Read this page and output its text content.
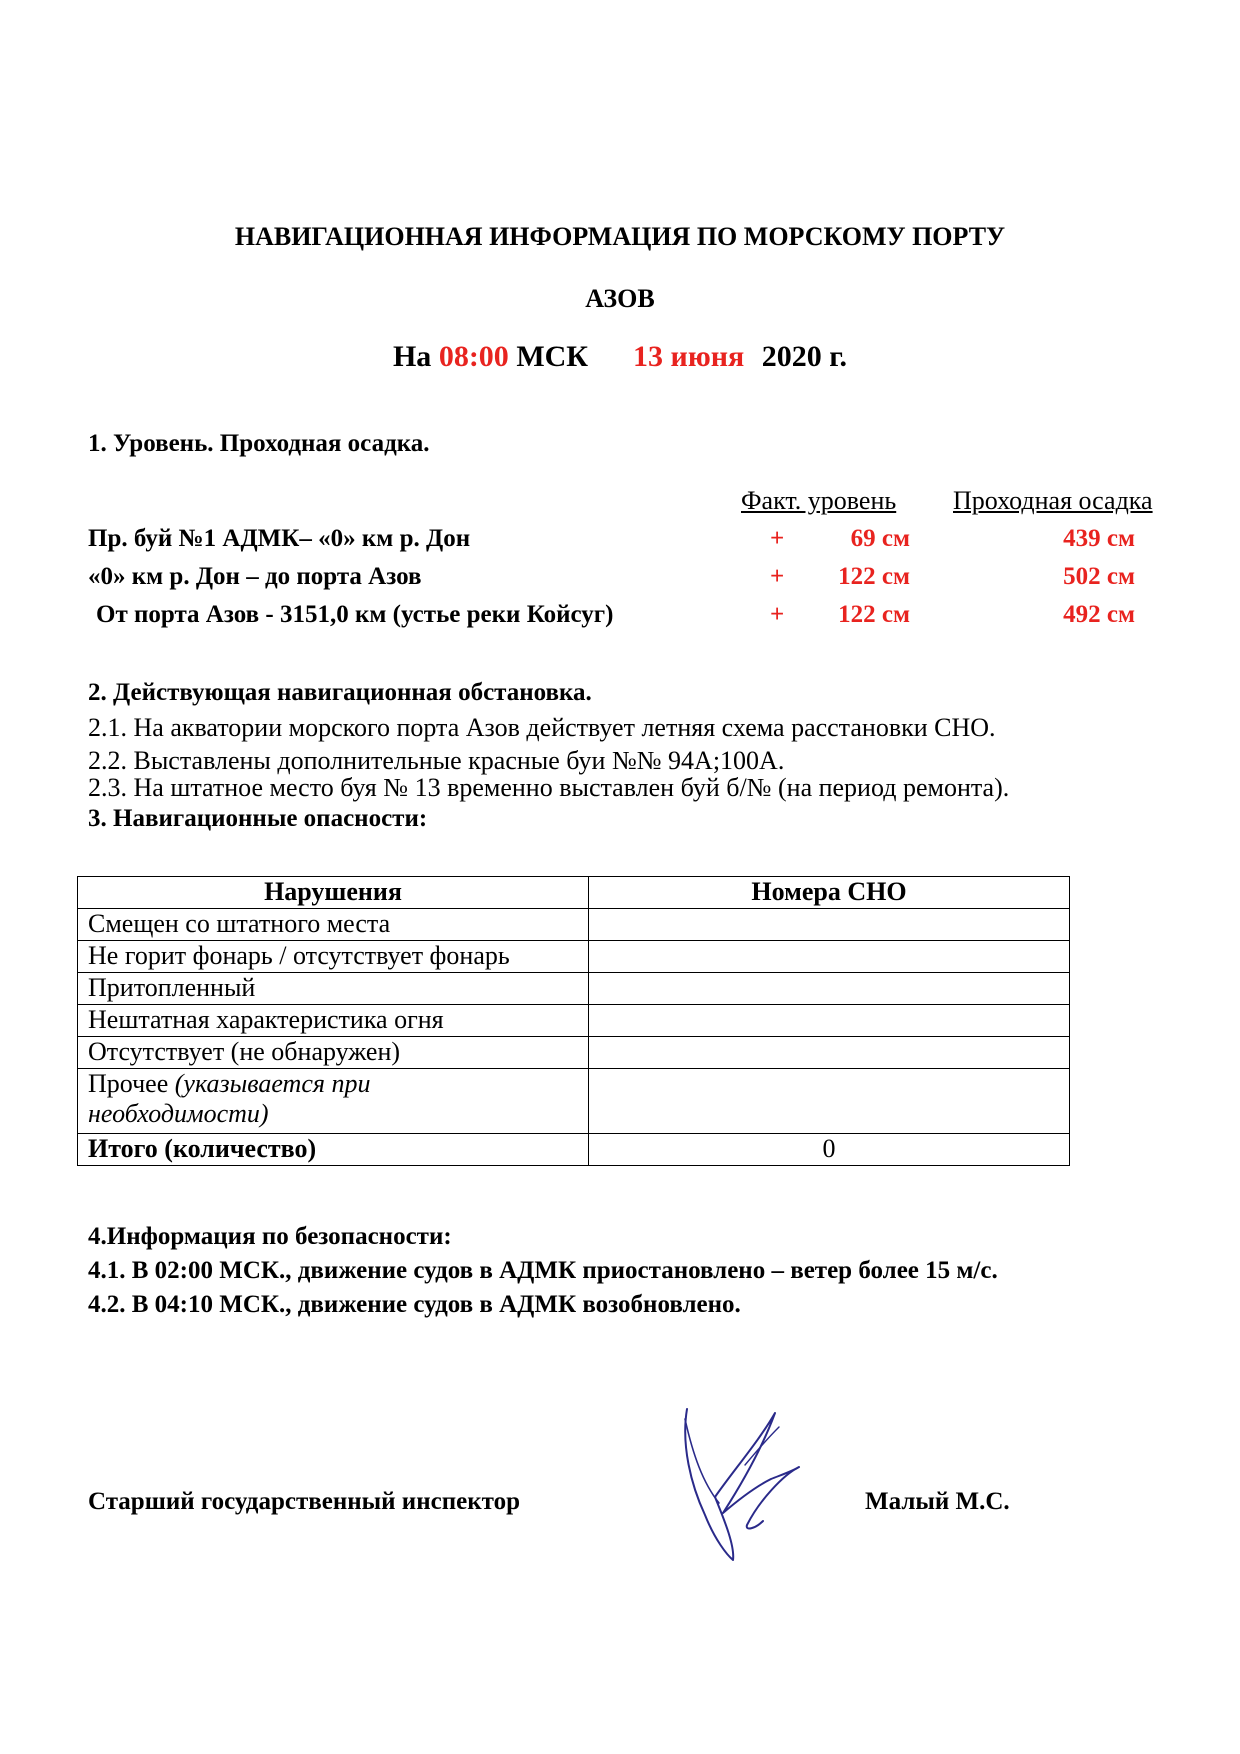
НАВИГАЦИОННАЯ ИНФОРМАЦИЯ ПО МОРСКОМУ ПОРТУ
АЗОВ
На 08:00 МСК 13 июня 2020 г.
1. Уровень. Проходная осадка.
Факт. уровень Проходная осадка
Пр. буй №1 АДМК– «0» км р. Дон	+	69 см	439 см
«0» км р. Дон – до порта Азов	+	122 см	502 см
От порта Азов - 3151,0 км (устье реки Койсуг)	+	122 см	492 см
2. Действующая навигационная обстановка.
2.1. На акватории морского порта Азов действует летняя схема расстановки СНО.
2.2. Выставлены дополнительные красные буи №№ 94А;100А.
2.3. На штатное место буя № 13 временно выставлен буй б/№ (на период ремонта).
3. Навигационные опасности:
Нарушения	Номера СНО
Смещен со штатного места	
Не горит фонарь / отсутствует фонарь	
Притопленный	
Нештатная характеристика огня	
Отсутствует (не обнаружен)	
Прочее (указывается при
необходимости)	
Итого (количество)	0
4.Информация по безопасности:
4.1. В 02:00 МСК., движение судов в АДМК приостановлено – ветер более 15 м/с.
4.2. В 04:10 МСК., движение судов в АДМК возобновлено.
Старший государственный инспектор	Малый М.С.
